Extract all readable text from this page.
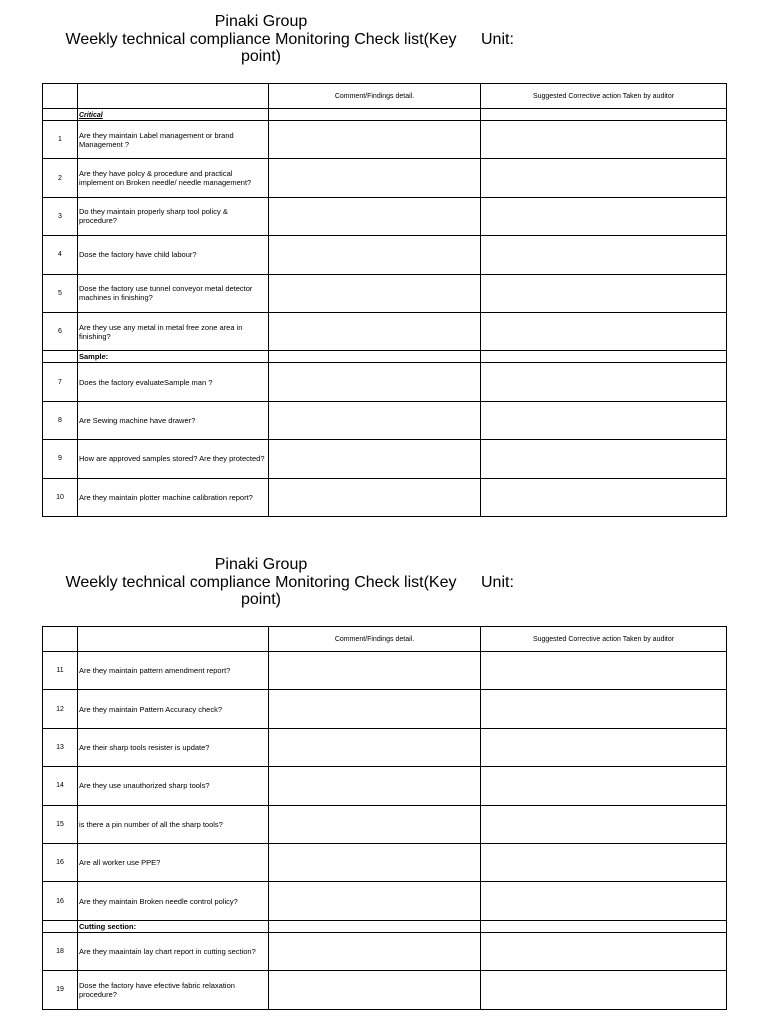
Pinaki Group
Weekly technical compliance Monitoring Check list(Key point)
Unit:
		Comment/Findings detail.	Suggested Corrective action Taken by auditor
	Critical		
1	Are they maintain Label management or brand Management ?		
2	Are they have polcy & procedure and practical implement on Broken needle/ needle management?		
3	Do they maintain properly sharp tool policy & procedure?		
4	Dose the factory have child labour?		
5	Dose the factory use tunnel conveyor metal detector machines in finishing?		
6	Are they use any metal in metal free zone area in finishing?		
	Sample:		
7	Does the factory evaluateSample man ?		
8	Are Sewing machine have drawer?		
9	How are approved samples stored? Are they protected?		
10	Are they maintain plotter machine calibration report?		
Pinaki Group
Weekly technical compliance Monitoring Check list(Key point)
Unit:
		Comment/Findings detail.	Suggested Corrective action Taken by auditor
11	Are they maintain pattern amendment report?		
12	Are they maintain Pattern Accuracy check?		
13	Are their sharp tools resister is update?		
14	Are they use unauthorized sharp tools?		
15	is there a pin number of all the sharp tools?		
16	Are all worker use PPE?		
16	Are they maintain Broken needle control policy?		
	Cutting section:		
18	Are they maaintain lay chart report in cutting section?		
19	Dose the factory have efective fabric relaxation procedure?		
